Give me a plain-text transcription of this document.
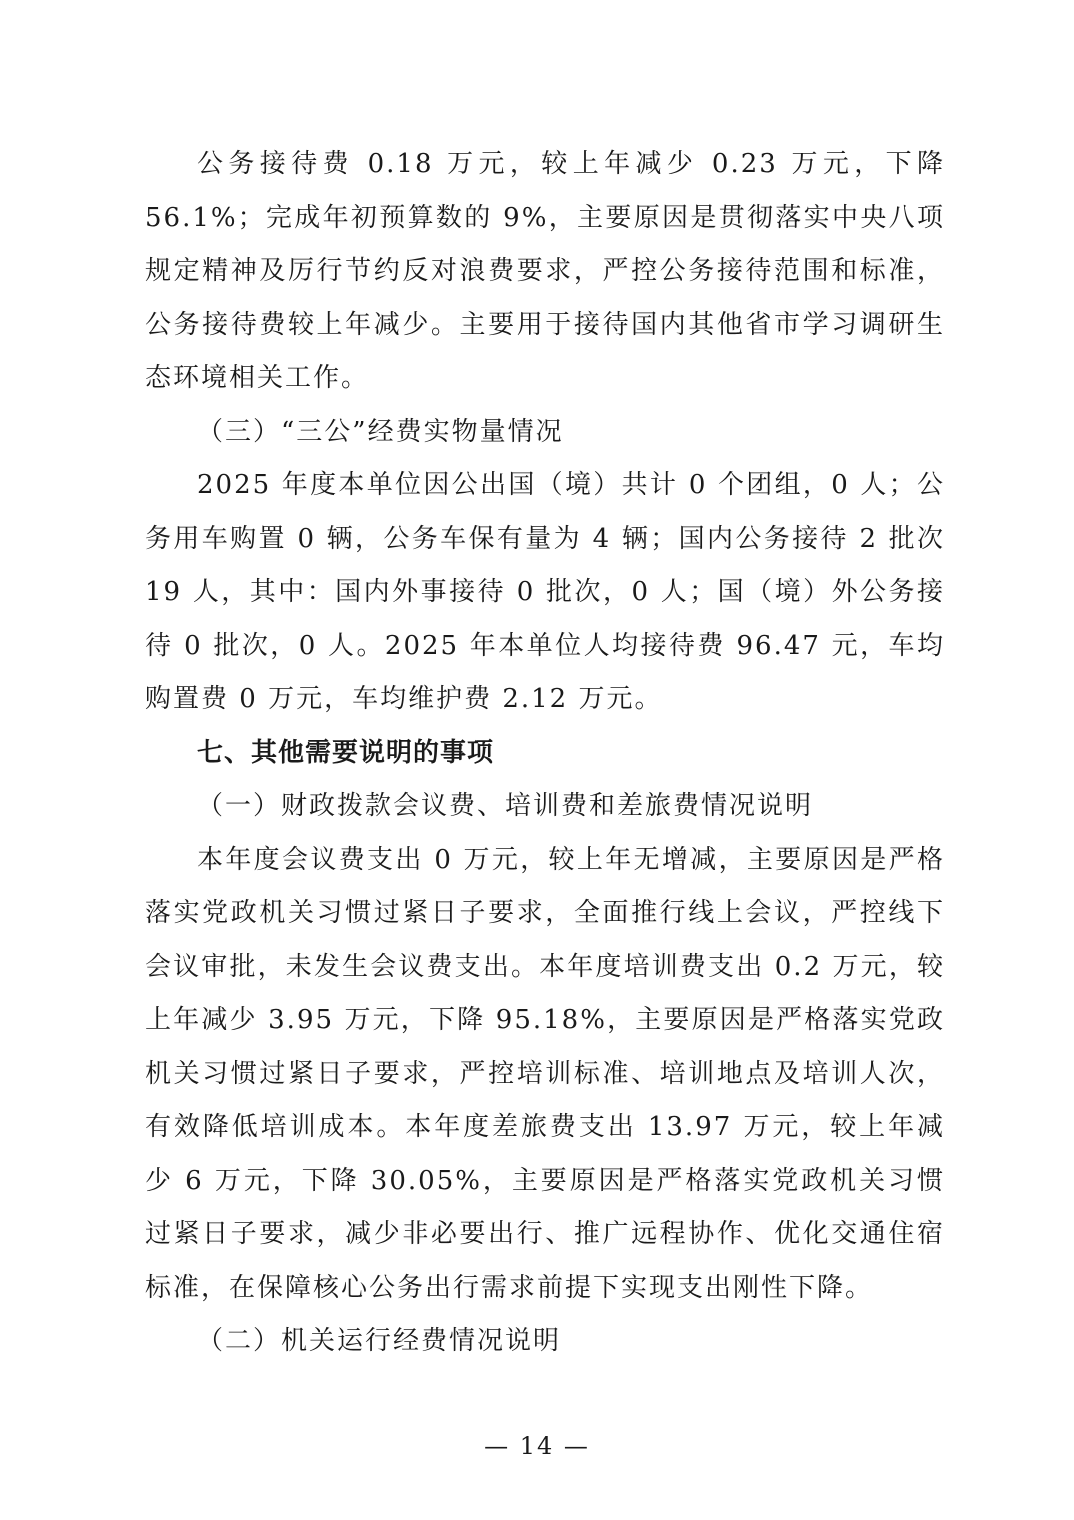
公务接待费 0.18 万元，较上年减少 0.23 万元，下降 56.1%；完成年初预算数的 9%，主要原因是贯彻落实中央八项规定精神及厉行节约反对浪费要求，严控公务接待范围和标准，公务接待费较上年减少。主要用于接待国内其他省市学习调研生态环境相关工作。

（三）“三公”经费实物量情况

2025 年度本单位因公出国（境）共计 0 个团组，0 人；公务用车购置 0 辆，公务车保有量为 4 辆；国内公务接待 2 批次 19 人，其中：国内外事接待 0 批次，0 人；国（境）外公务接待 0 批次，0 人。2025 年本单位人均接待费 96.47 元，车均购置费 0 万元，车均维护费 2.12 万元。

七、其他需要说明的事项

（一）财政拨款会议费、培训费和差旅费情况说明

本年度会议费支出 0 万元，较上年无增减，主要原因是严格落实党政机关习惯过紧日子要求，全面推行线上会议，严控线下会议审批，未发生会议费支出。本年度培训费支出 0.2 万元，较上年减少 3.95 万元，下降 95.18%，主要原因是严格落实党政机关习惯过紧日子要求，严控培训标准、培训地点及培训人次，有效降低培训成本。本年度差旅费支出 13.97 万元，较上年减少 6 万元，下降 30.05%，主要原因是严格落实党政机关习惯过紧日子要求，减少非必要出行、推广远程协作、优化交通住宿标准，在保障核心公务出行需求前提下实现支出刚性下降。

（二）机关运行经费情况说明

— 14 —
